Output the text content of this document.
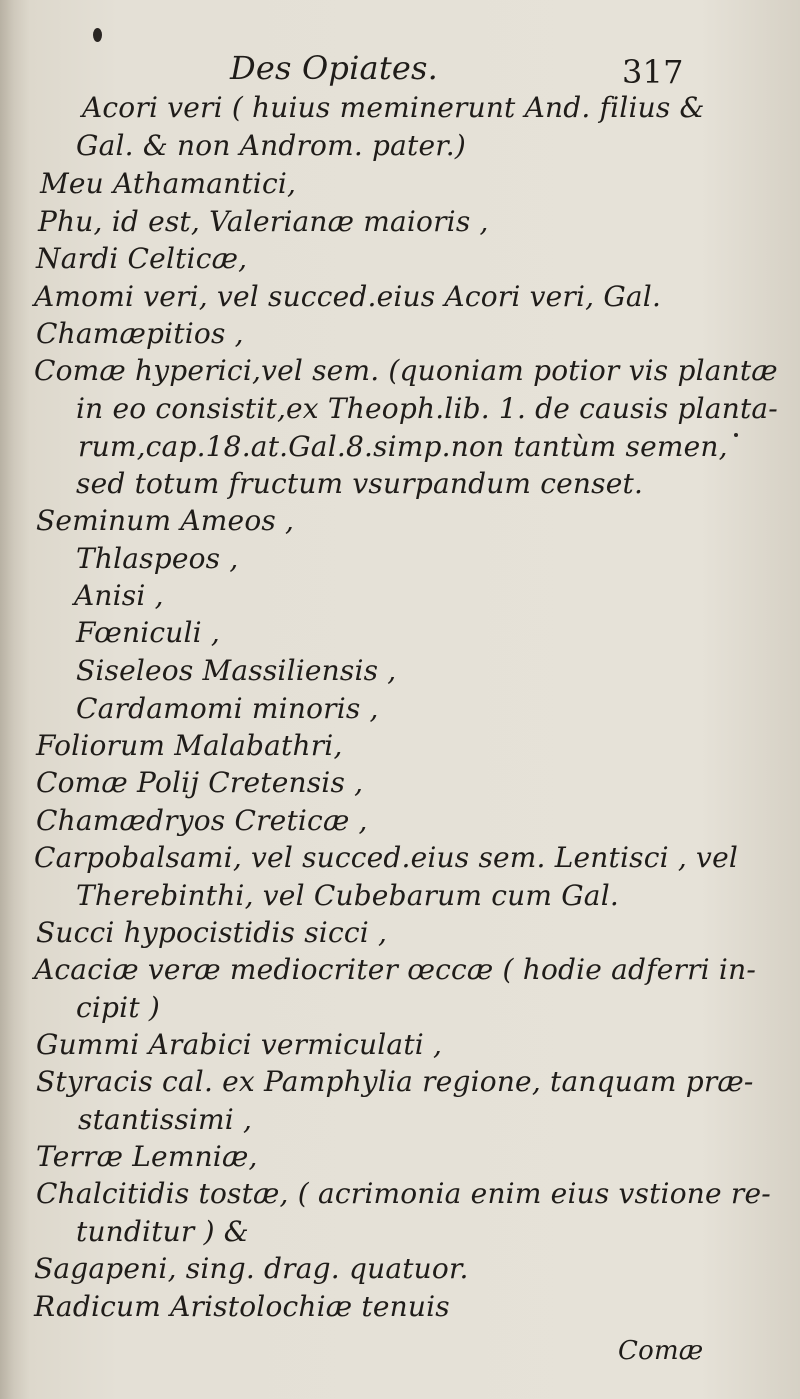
Des Opiates.	317
Acori veri ( huius meminerunt And. filius &
Gal. & non Androm. pater.)
Meu Athamantici,
Phu, id est, Valerianæ maioris ,
Nardi Celticæ,
Amomi veri, vel succed.eius Acori veri, Gal.
Chamæpitios ,
Comæ hyperici,vel sem. (quoniam potior vis plantæ
in eo consistit,ex Theoph.lib. 1. de causis planta-
rum,cap.18.at.Gal.8.simp.non tantùm semen,
sed totum fructum vsurpandum censet.
Seminum Ameos ,
Thlaspeos ,
Anisi ,
Fœniculi ,
Siseleos Massiliensis ,
Cardamomi minoris ,
Foliorum Malabathri,
Comæ Polij Cretensis ,
Chamædryos Creticæ ,
Carpobalsami, vel succed.eius sem. Lentisci , vel
Therebinthi, vel Cubebarum cum Gal.
Succi hypocistidis sicci ,
Acaciæ veræ mediocriter œccæ ( hodie adferri in-
cipit )
Gummi Arabici vermiculati ,
Styracis cal. ex Pamphylia regione, tanquam præ-
stantissimi ,
Terræ Lemniæ,
Chalcitidis tostæ, ( acrimonia enim eius vstione re-
tunditur ) &
Sagapeni, sing. drag. quatuor.
Radicum Aristolochiæ tenuis
Comæ
